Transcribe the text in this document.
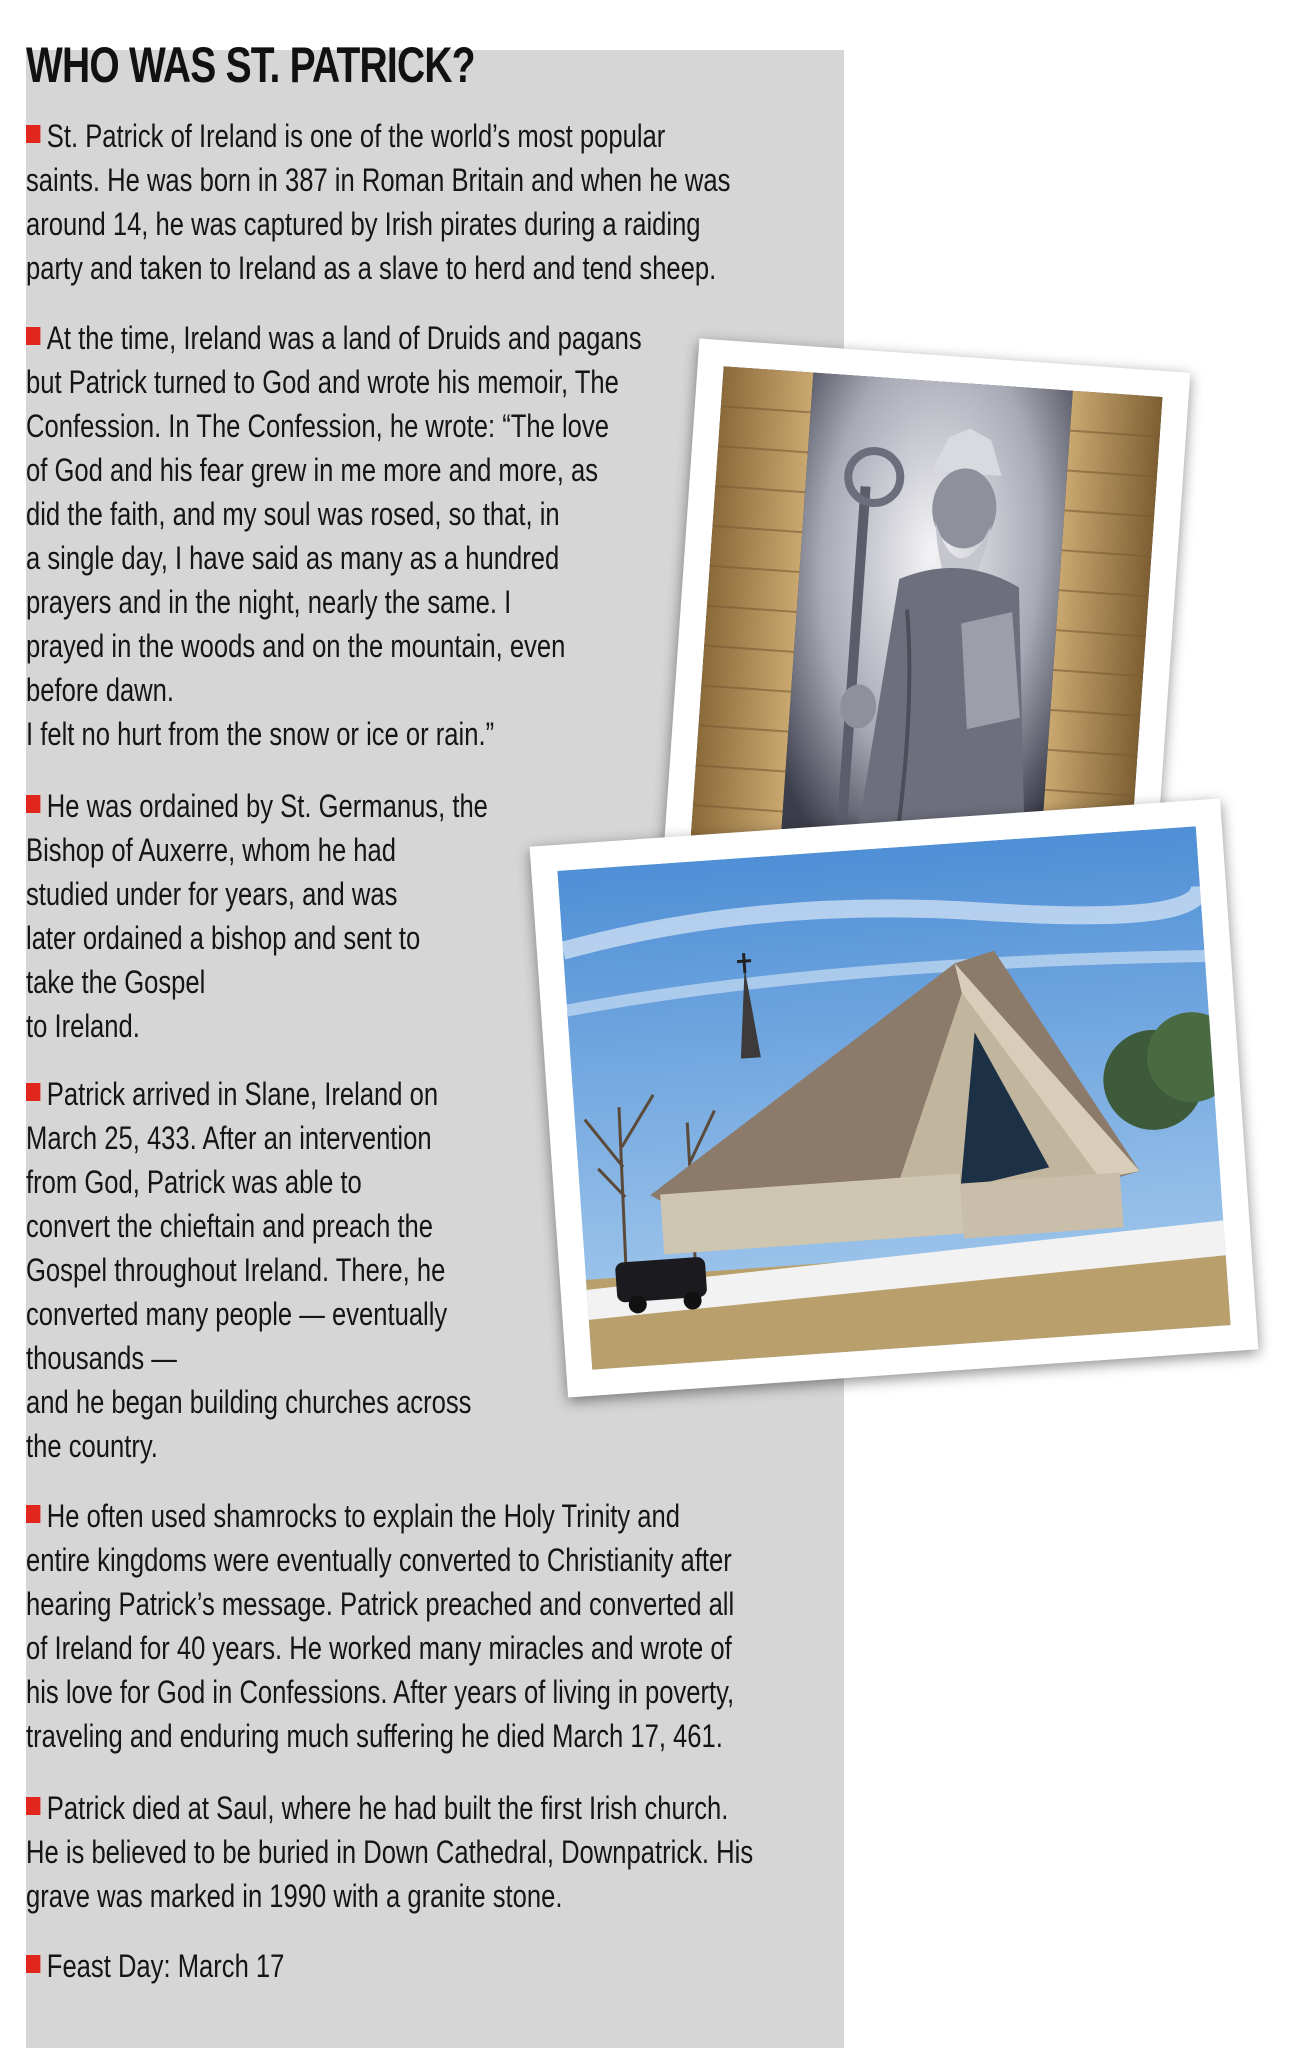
WHO WAS ST. PATRICK?

St. Patrick of Ireland is one of the world’s most popular
saints. He was born in 387 in Roman Britain and when he was
around 14, he was captured by Irish pirates during a raiding
party and taken to Ireland as a slave to herd and tend sheep.

At the time, Ireland was a land of Druids and pagans
but Patrick turned to God and wrote his memoir, The
Confession. In The Confession, he wrote: “The love
of God and his fear grew in me more and more, as
did the faith, and my soul was rosed, so that, in
a single day, I have said as many as a hundred
prayers and in the night, nearly the same. I
prayed in the woods and on the mountain, even
before dawn.
I felt no hurt from the snow or ice or rain.”

He was ordained by St. Germanus, the
Bishop of Auxerre, whom he had
studied under for years, and was
later ordained a bishop and sent to
take the Gospel
to Ireland.

Patrick arrived in Slane, Ireland on
March 25, 433. After an intervention
from God, Patrick was able to
convert the chieftain and preach the
Gospel throughout Ireland. There, he
converted many people — eventually
thousands —
and he began building churches across
the country.

He often used shamrocks to explain the Holy Trinity and
entire kingdoms were eventually converted to Christianity after
hearing Patrick’s message. Patrick preached and converted all
of Ireland for 40 years. He worked many miracles and wrote of
his love for God in Confessions. After years of living in poverty,
traveling and enduring much suffering he died March 17, 461.

Patrick died at Saul, where he had built the first Irish church.
He is believed to be buried in Down Cathedral, Downpatrick. His
grave was marked in 1990 with a granite stone.

Feast Day: March 17
